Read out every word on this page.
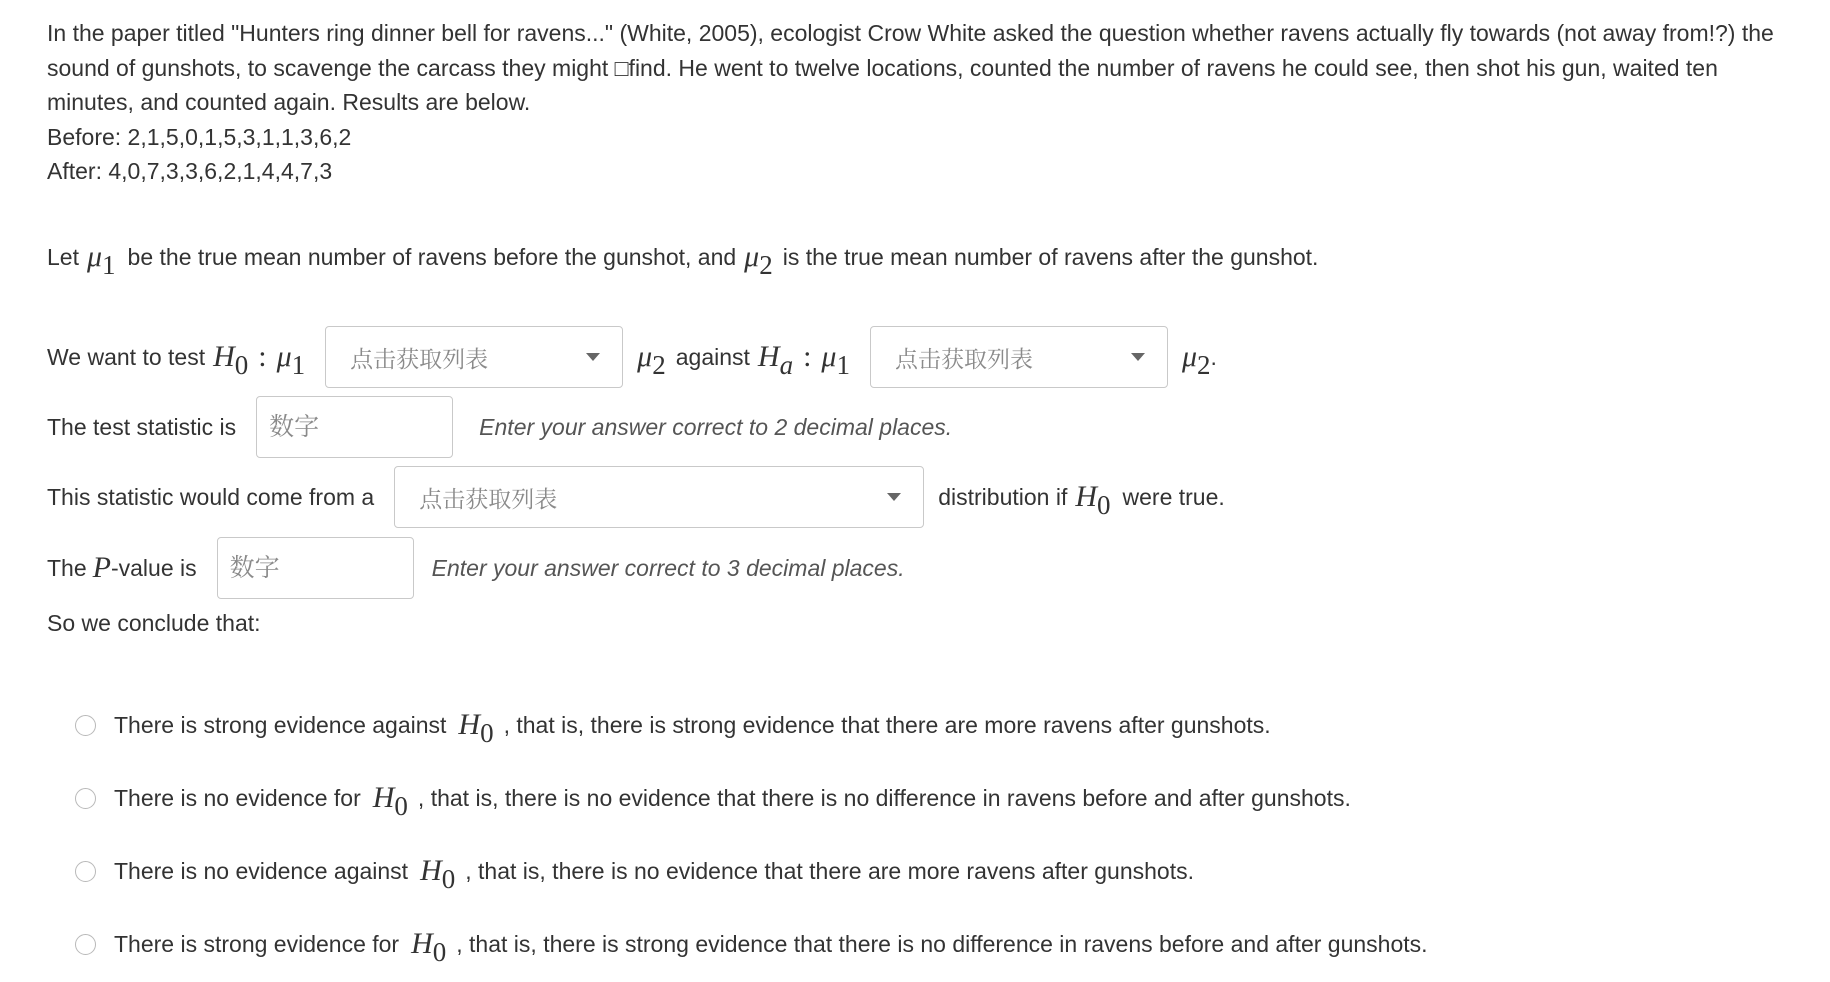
In the paper titled "Hunters ring dinner bell for ravens..." (White, 2005), ecologist Crow White asked the question whether ravens actually fly towards (not away from!?) the sound of gunshots, to scavenge the carcass they might □find. He went to twelve locations, counted the number of ravens he could see, then shot his gun, waited ten minutes, and counted again. Results are below.

Before: 2,1,5,0,1,5,3,1,1,3,6,2

After: 4,0,7,3,3,6,2,1,4,4,7,3

Let μ1 be the true mean number of ravens before the gunshot, and μ2 is the true mean number of ravens after the gunshot.
We want to test H0 : μ1 点击获取列表	μ2 against Ha : μ1 点击获取列表	μ2 .
The test statistic is
数字	Enter your answer correct to 2 decimal places.
This statistic would come from a 点击获取列表	distribution if H0 were true.
The P -value is
数字	Enter your answer correct to 3 decimal places.
So we conclude that:
There is strong evidence against H0 , that is, there is strong evidence that there are more ravens after gunshots.
There is no evidence for H0 , that is, there is no evidence that there is no difference in ravens before and after gunshots.
There is no evidence against H0 , that is, there is no evidence that there are more ravens after gunshots.
There is strong evidence for H0 , that is, there is strong evidence that there is no difference in ravens before and after gunshots.
